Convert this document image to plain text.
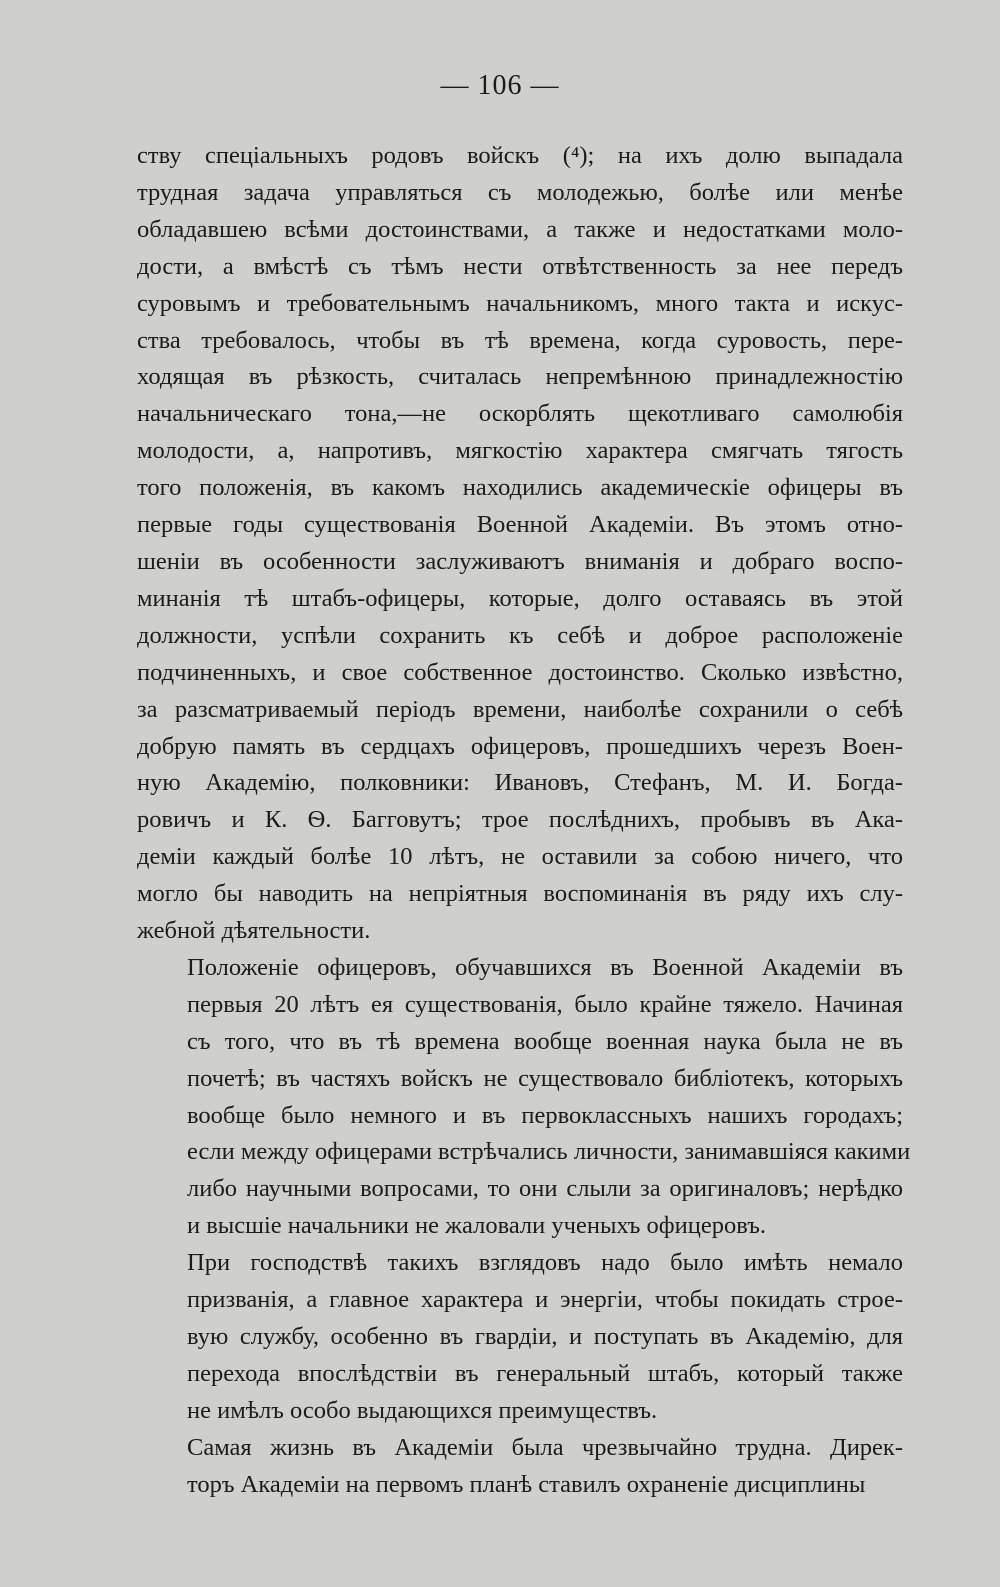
— 106 —

ству спеціальныхъ родовъ войскъ (⁴); на ихъ долю выпадала
трудная задача управляться съ молодежью, болѣе или менѣе
обладавшею всѣми достоинствами, а также и недостатками моло-
дости, а вмѣстѣ съ тѣмъ нести отвѣтственность за нее передъ
суровымъ и требовательнымъ начальникомъ, много такта и искус-
ства требовалось, чтобы въ тѣ времена, когда суровость, пере-
ходящая въ рѣзкость, считалась непремѣнною принадлежностію
начальническаго тона,—не оскорблять щекотливаго самолюбія
молодости, а, напротивъ, мягкостію характера смягчать тягость
того положенія, въ какомъ находились академическіе офицеры въ
первые годы существованія Военной Академіи. Въ этомъ отно-
шеніи въ особенности заслуживаютъ вниманія и добраго воспо-
минанія тѣ штабъ-офицеры, которые, долго оставаясь въ этой
должности, успѣли сохранить къ себѣ и доброе расположеніе
подчиненныхъ, и свое собственное достоинство. Сколько извѣстно,
за разсматриваемый періодъ времени, наиболѣе сохранили о себѣ
добрую память въ сердцахъ офицеровъ, прошедшихъ черезъ Воен-
ную Академію, полковники: Ивановъ, Стефанъ, М. И. Богда-
ровичъ и К. Ѳ. Багговутъ; трое послѣднихъ, пробывъ въ Ака-
деміи каждый болѣе 10 лѣтъ, не оставили за собою ничего, что
могло бы наводить на непріятныя воспоминанія въ ряду ихъ слу-
жебной дѣятельности.

Положеніе офицеровъ, обучавшихся въ Военной Академіи въ
первыя 20 лѣтъ ея существованія, было крайне тяжело. Начиная
съ того, что въ тѣ времена вообще военная наука была не въ
почетѣ; въ частяхъ войскъ не существовало библіотекъ, которыхъ
вообще было немного и въ первоклассныхъ нашихъ городахъ;
если между офицерами встрѣчались личности, занимавшіяся какими
либо научными вопросами, то они слыли за оригиналовъ; нерѣдко
и высшіе начальники не жаловали ученыхъ офицеровъ.

При господствѣ такихъ взглядовъ надо было имѣть немало
призванія, а главное характера и энергіи, чтобы покидать строе-
вую службу, особенно въ гвардіи, и поступать въ Академію, для
перехода впослѣдствіи въ генеральный штабъ, который также
не имѣлъ особо выдающихся преимуществъ.

Самая жизнь въ Академіи была чрезвычайно трудна. Дирек-
торъ Академіи на первомъ планѣ ставилъ охраненіе дисциплины
